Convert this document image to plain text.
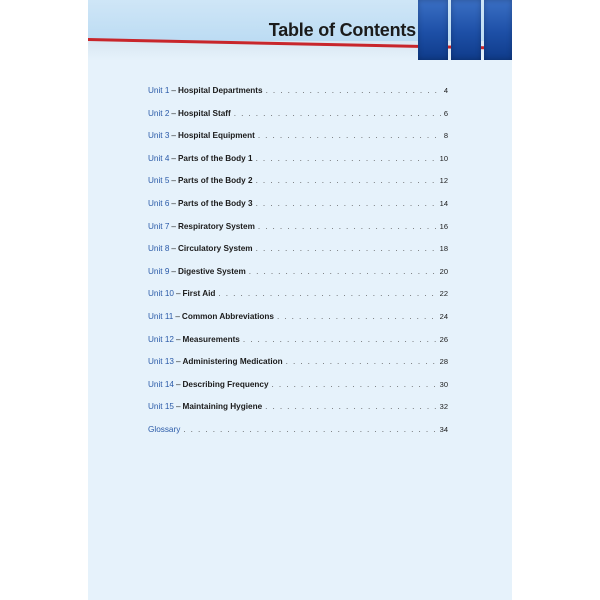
Table of Contents
Unit 1 – Hospital Departments . . .	4
Unit 2 – Hospital Staff . . .	6
Unit 3 – Hospital Equipment . . .	8
Unit 4 – Parts of the Body 1 . . .	10
Unit 5 – Parts of the Body 2 . . .	12
Unit 6 – Parts of the Body 3 . . .	14
Unit 7 – Respiratory System . . .	16
Unit 8 – Circulatory System . . .	18
Unit 9 – Digestive System . . .	20
Unit 10 – First Aid . . .	22
Unit 11 – Common Abbreviations . . .	24
Unit 12 – Measurements . . .	26
Unit 13 – Administering Medication . . .	28
Unit 14 – Describing Frequency . . .	30
Unit 15 – Maintaining Hygiene . . .	32
Glossary . . .	34
